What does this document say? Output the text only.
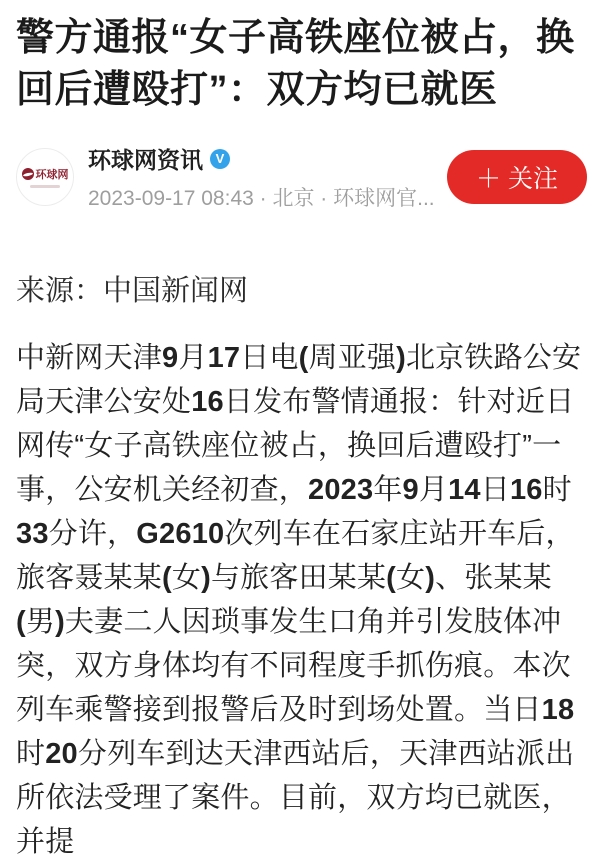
警方通报“女子高铁座位被占，换回后遭殴打”：双方均已就医
环球网
环球网资讯 V
2023-09-17 08:43 · 北京 · 环球网官...
＋ 关注
来源：中国新闻网

中新网天津9月17日电(周亚强)北京铁路公安局天津公安处16日发布警情通报：针对近日网传“女子高铁座位被占，换回后遭殴打”一事，公安机关经初查，2023年9月14日16时33分许，G2610次列车在石家庄站开车后，旅客聂某某(女)与旅客田某某(女)、张某某(男)夫妻二人因琐事发生口角并引发肢体冲突，双方身体均有不同程度手抓伤痕。本次列车乘警接到报警后及时到场处置。当日18时20分列车到达天津西站后，天津西站派出所依法受理了案件。目前，双方均已就医，并提
